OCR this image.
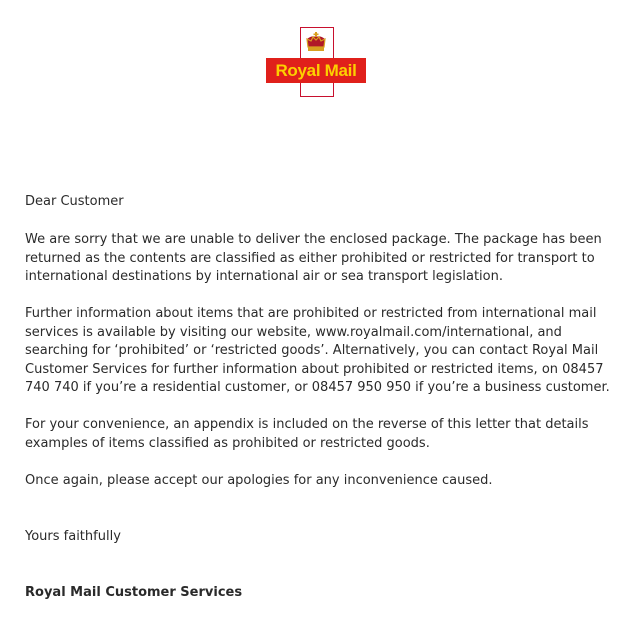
Royal Mail

Dear Customer

We are sorry that we are unable to deliver the enclosed package. The package has been returned as the contents are classified as either prohibited or restricted for transport to international destinations by international air or sea transport legislation.

Further information about items that are prohibited or restricted from international mail services is available by visiting our website, www.royalmail.com/international, and searching for ‘prohibited’ or ‘restricted goods’. Alternatively, you can contact Royal Mail Customer Services for further information about prohibited or restricted items, on 08457 740 740 if you’re a residential customer, or 08457 950 950 if you’re a business customer.

For your convenience, an appendix is included on the reverse of this letter that details examples of items classified as prohibited or restricted goods.

Once again, please accept our apologies for any inconvenience caused.

Yours faithfully

Royal Mail Customer Services
